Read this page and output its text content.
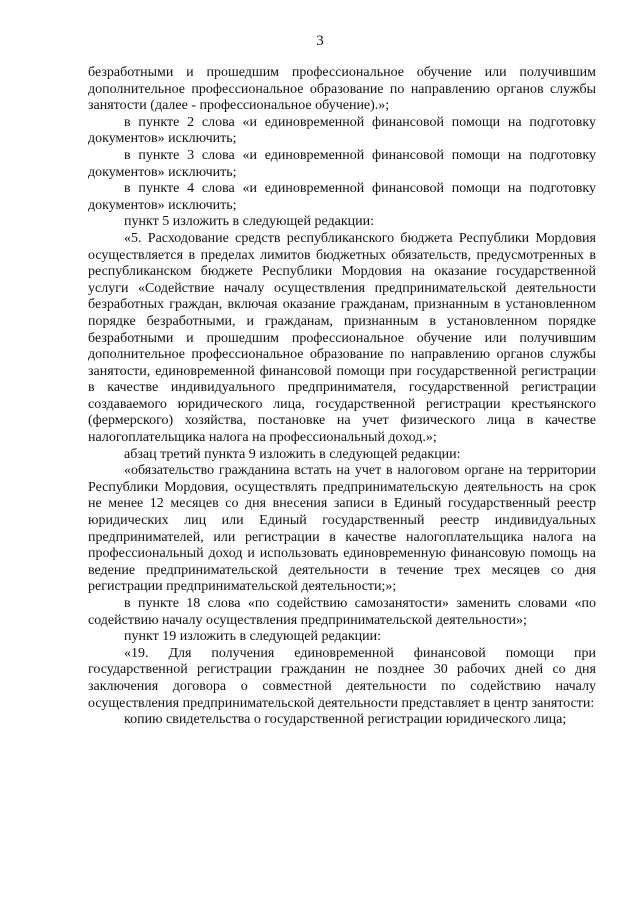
3

безработными и прошедшим профессиональное обучение или получившим дополнительное профессиональное образование по направлению органов службы занятости (далее - профессиональное обучение).»;

в пункте 2 слова «и единовременной финансовой помощи на подготовку документов» исключить;

в пункте 3 слова «и единовременной финансовой помощи на подготовку документов» исключить;

в пункте 4 слова «и единовременной финансовой помощи на подготовку документов» исключить;

пункт 5 изложить в следующей редакции:

«5. Расходование средств республиканского бюджета Республики Мордовия осуществляется в пределах лимитов бюджетных обязательств, предусмотренных в республиканском бюджете Республики Мордовия на оказание государственной услуги «Содействие началу осуществления предпринимательской деятельности безработных граждан, включая оказание гражданам, признанным в установленном порядке безработными, и гражданам, признанным в установленном порядке безработными и прошедшим профессиональное обучение или получившим дополнительное профессиональное образование по направлению органов службы занятости, единовременной финансовой помощи при государственной регистрации в качестве индивидуального предпринимателя, государственной регистрации создаваемого юридического лица, государственной регистрации крестьянского (фермерского) хозяйства, постановке на учет физического лица в качестве налогоплательщика налога на профессиональный доход.»;

абзац третий пункта 9 изложить в следующей редакции:

«обязательство гражданина встать на учет в налоговом органе на территории Республики Мордовия, осуществлять предпринимательскую деятельность на срок не менее 12 месяцев со дня внесения записи в Единый государственный реестр юридических лиц или Единый государственный реестр индивидуальных предпринимателей, или регистрации в качестве налогоплательщика налога на профессиональный доход и использовать единовременную финансовую помощь на ведение предпринимательской деятельности в течение трех месяцев со дня регистрации предпринимательской деятельности;»;

в пункте 18 слова «по содействию самозанятости» заменить словами «по содействию началу осуществления предпринимательской деятельности»;

пункт 19 изложить в следующей редакции:

«19. Для получения единовременной финансовой помощи при государственной регистрации гражданин не позднее 30 рабочих дней со дня заключения договора о совместной деятельности по содействию началу осуществления предпринимательской деятельности представляет в центр занятости:

копию свидетельства о государственной регистрации юридического лица;
